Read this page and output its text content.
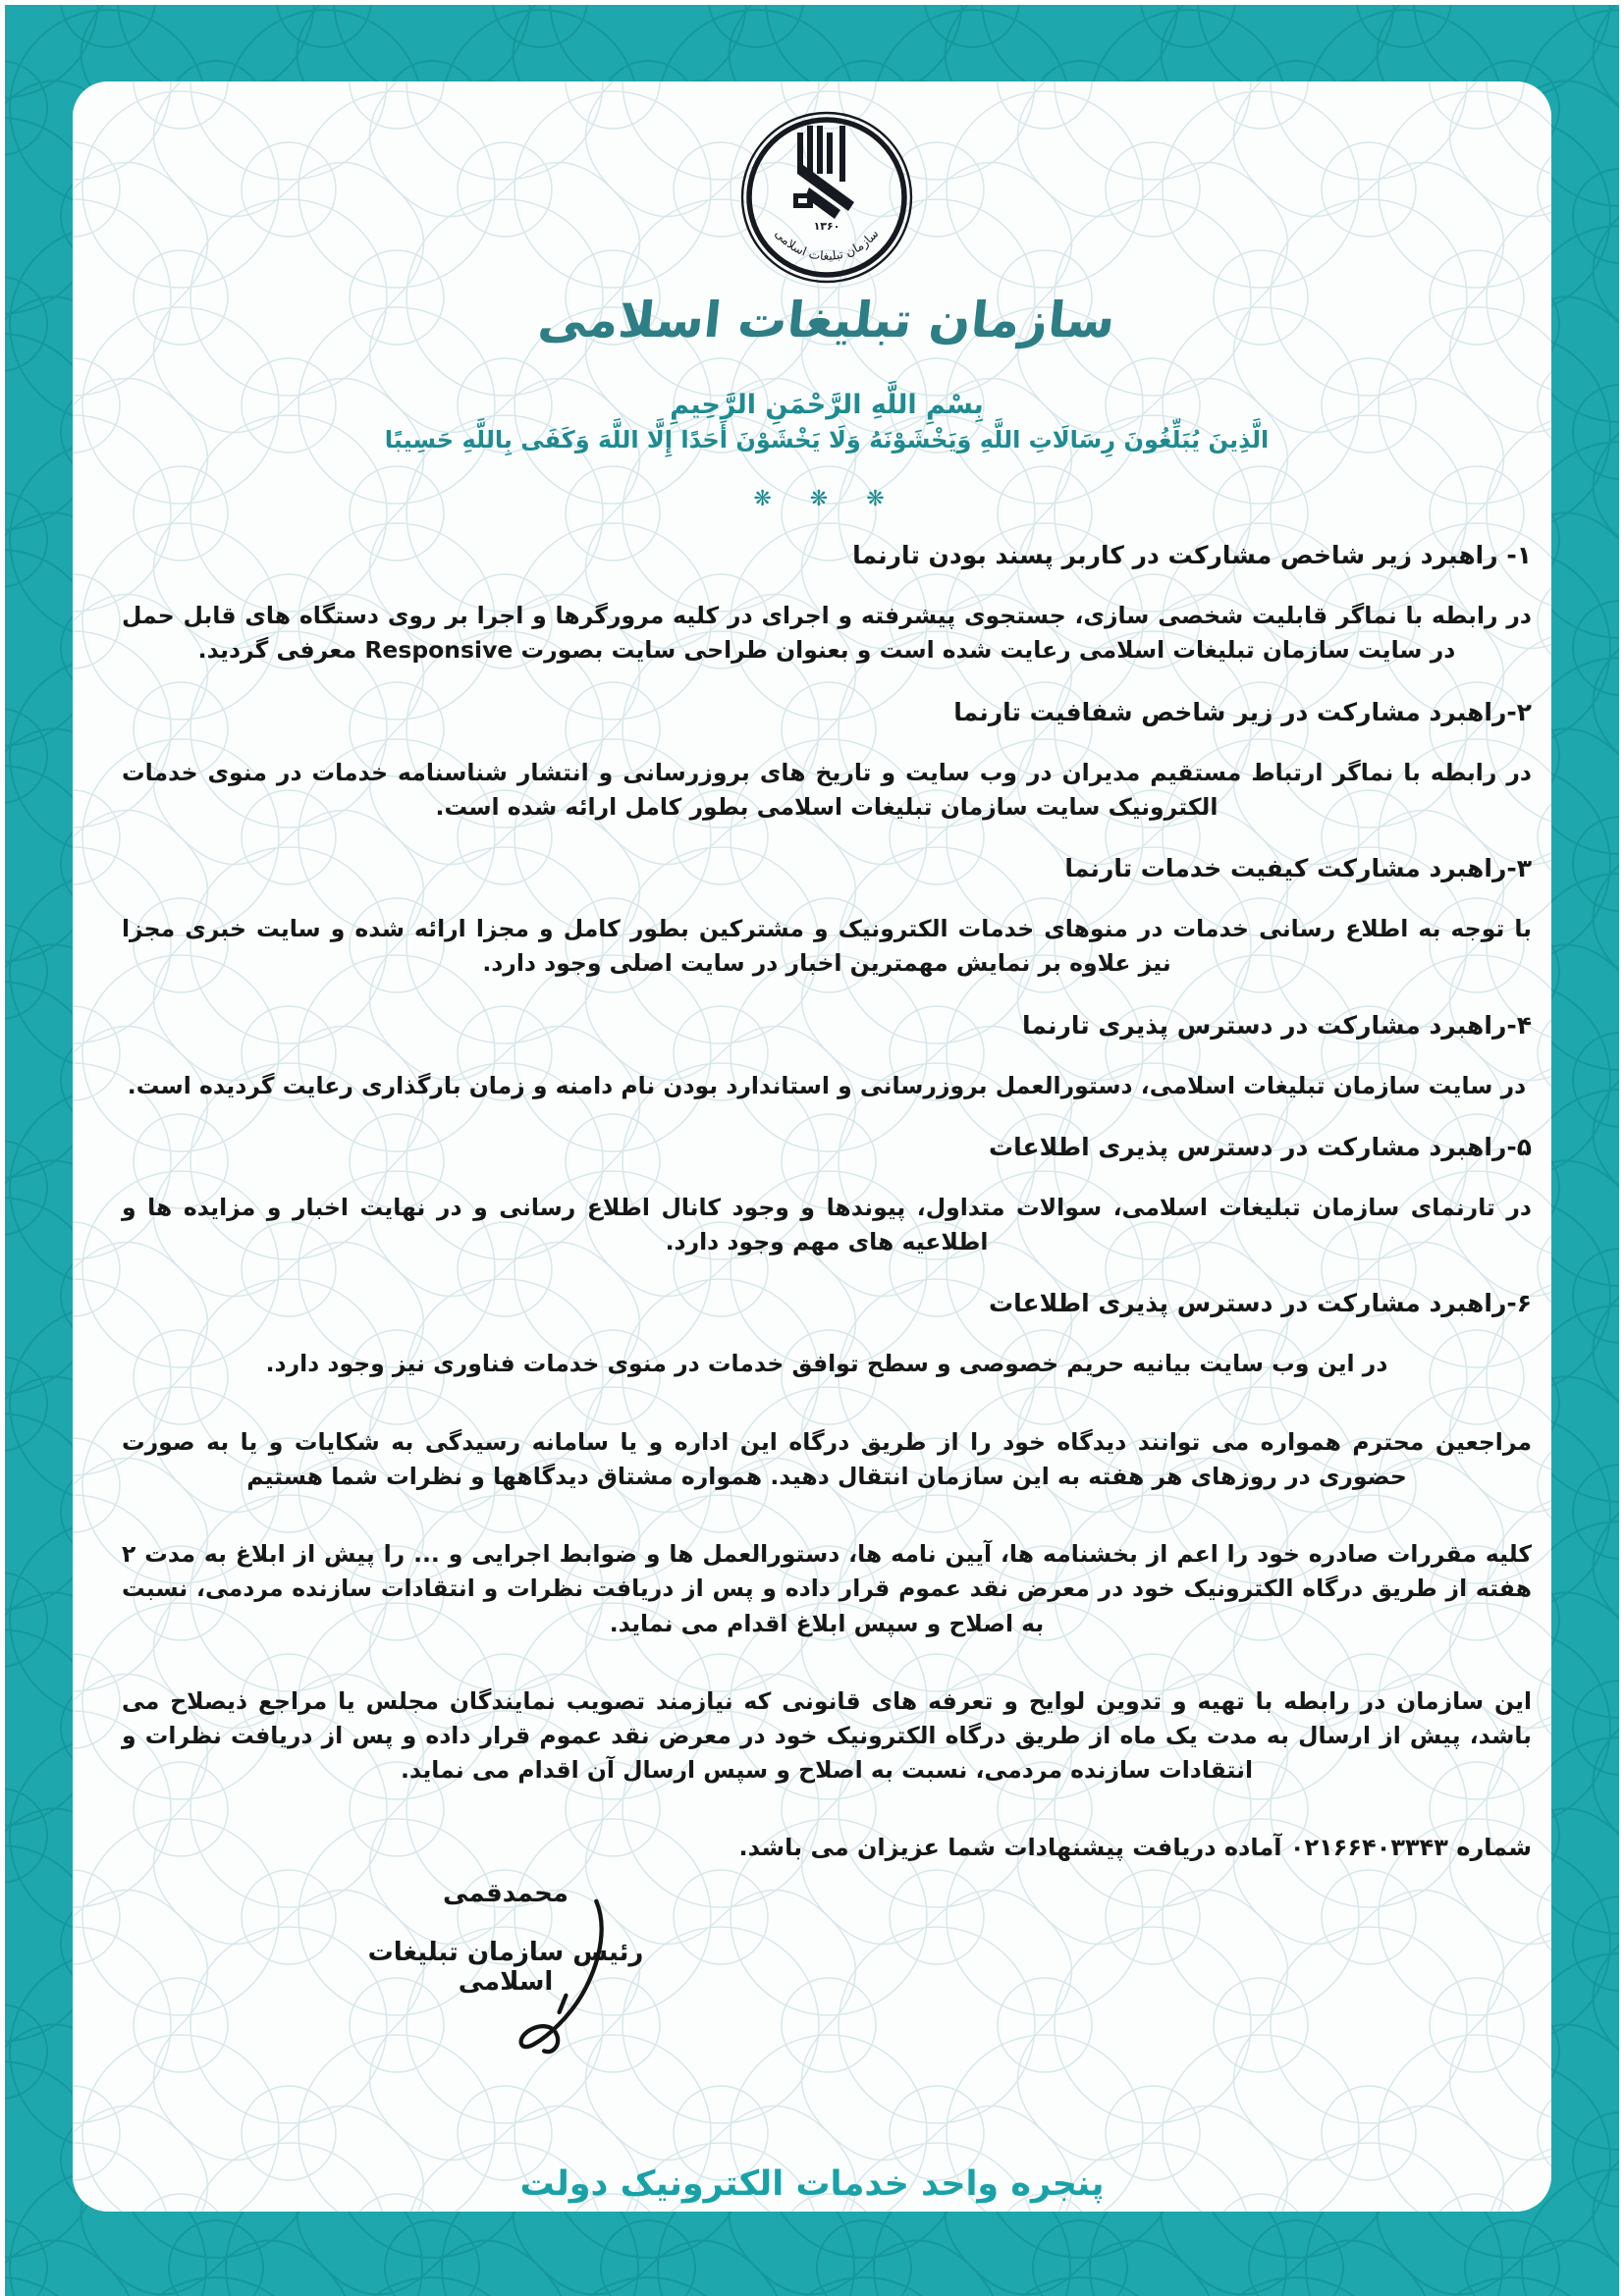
۱۳۶۰
سازمان تبلیغات اسلامی
سازمان تبلیغات اسلامی
بِسْمِ اللَّهِ الرَّحْمَنِ الرَّحِيمِ
الَّذِينَ يُبَلِّغُونَ رِسَالَاتِ اللَّهِ وَيَخْشَوْنَهُ وَلَا يَخْشَوْنَ أَحَدًا إِلَّا اللَّهَ وَكَفَى بِاللَّهِ حَسِيبًا
❋ ❋ ❋
۱- راهبرد زیر شاخص مشارکت در کاربر پسند بودن تارنما
در رابطه با نماگر قابلیت شخصی سازی، جستجوی پیشرفته و اجرای در کلیه مرورگرها و اجرا بر روی دستگاه های قابل حمل در سایت سازمان تبلیغات اسلامی رعایت شده است و بعنوان طراحی سایت بصورت Responsive معرفی گردید.
۲-راهبرد مشارکت در زیر شاخص شفافیت تارنما
در رابطه با نماگر ارتباط مستقیم مدیران در وب سایت و تاریخ های بروزرسانی و انتشار شناسنامه خدمات در منوی خدمات الکترونیک سایت سازمان تبلیغات اسلامی بطور کامل ارائه شده است.
۳-راهبرد مشارکت کیفیت خدمات تارنما
با توجه به اطلاع رسانی خدمات در منوهای خدمات الکترونیک و مشترکین بطور کامل و مجزا ارائه شده و سایت خبری مجزا نیز علاوه بر نمایش مهمترین اخبار در سایت اصلی وجود دارد.
۴-راهبرد مشارکت در دسترس پذیری تارنما
در سایت سازمان تبلیغات اسلامی، دستورالعمل بروزرسانی و استاندارد بودن نام دامنه و زمان بارگذاری رعایت گردیده است.
۵-راهبرد مشارکت در دسترس پذیری اطلاعات
در تارنمای سازمان تبلیغات اسلامی، سوالات متداول، پیوندها و وجود کانال اطلاع رسانی و در نهایت اخبار و مزایده ها و اطلاعیه های مهم وجود دارد.
۶-راهبرد مشارکت در دسترس پذیری اطلاعات
در این وب سایت بیانیه حریم خصوصی و سطح توافق خدمات در منوی خدمات فناوری نیز وجود دارد.
مراجعین محترم همواره می توانند دیدگاه خود را از طریق درگاه این اداره و یا سامانه رسیدگی به شکایات و یا به صورت حضوری در روزهای هر هفته به این سازمان انتقال دهید. همواره مشتاق دیدگاهها و نظرات شما هستیم
کلیه مقررات صادره خود را اعم از بخشنامه ها، آیین نامه ها، دستورالعمل ها و ضوابط اجرایی و ... را پیش از ابلاغ به مدت ۲ هفته از طریق درگاه الکترونیک خود در معرض نقد عموم قرار داده و پس از دریافت نظرات و انتقادات سازنده مردمی، نسبت به اصلاح و سپس ابلاغ اقدام می نماید.
این سازمان در رابطه با تهیه و تدوین لوایح و تعرفه های قانونی که نیازمند تصویب نمایندگان مجلس یا مراجع ذیصلاح می باشد، پیش از ارسال به مدت یک ماه از طریق درگاه الکترونیک خود در معرض نقد عموم قرار داده و پس از دریافت نظرات و انتقادات سازنده مردمی، نسبت به اصلاح و سپس ارسال آن اقدام می نماید.
شماره ۰۲۱۶۶۴۰۳۳۴۳ آماده دریافت پیشنهادات شما عزیزان می باشد.
محمدقمی
رئیس سازمان تبلیغات اسلامی
پنجره واحد خدمات الکترونیک دولت
